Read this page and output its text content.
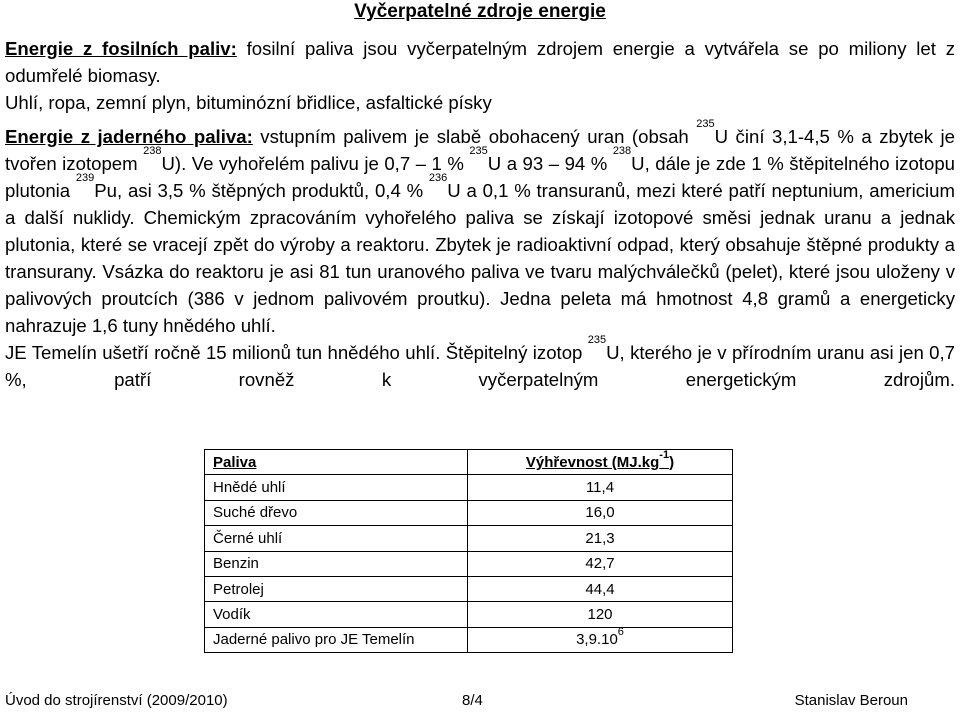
Vyčerpatelné zdroje energie

Energie z fosilních paliv: fosilní paliva jsou vyčerpatelným zdrojem energie a vytvářela se po miliony let z odumřelé biomasy.

Uhlí, ropa, zemní plyn, bituminózní břidlice, asfaltické písky

Energie z jaderného paliva: vstupním palivem je slabě obohacený uran (obsah $^{235}$U činí 3,1-4,5 % a zbytek je tvořen izotopem $^{238}$U). Ve vyhořelém palivu je 0,7 – 1 % $^{235}$U a 93 – 94 % $^{238}$U, dále je zde 1 % štěpitelného izotopu plutonia $^{239}$Pu, asi 3,5 % štěpných produktů, 0,4 % $^{236}$U a 0,1 % transuranů, mezi které patří neptunium, americium a další nuklidy. Chemickým zpracováním vyhořelého paliva se získají izotopové směsi jednak uranu a jednak plutonia, které se vracejí zpět do výroby a reaktoru. Zbytek je radioaktivní odpad, který obsahuje štěpné produkty a transurany. Vsázka do reaktoru je asi 81 tun uranového paliva ve tvaru malýchválečků (pelet), které jsou uloženy v palivových proutcích (386 v jednom palivovém proutku). Jedna peleta má hmotnost 4,8 gramů a energeticky nahrazuje 1,6 tuny hnědého uhlí.

JE Temelín ušetří ročně 15 milionů tun hnědého uhlí. Štěpitelný izotop $^{235}$U, kterého je v přírodním uranu asi jen 0,7 %, patří rovněž k vyčerpatelným energetickým zdrojům.

Paliva	Výhřevnost $(MJ.kg^{-1})$
Hnědé uhlí	11,4
Suché dřevo	16,0
Černé uhlí	21,3
Benzin	42,7
Petrolej	44,4
Vodík	120
Jaderné palivo pro JE Temelín	3,9.10$^6$
Úvod do strojírenství (2009/2010)	8/4	Stanislav Beroun
